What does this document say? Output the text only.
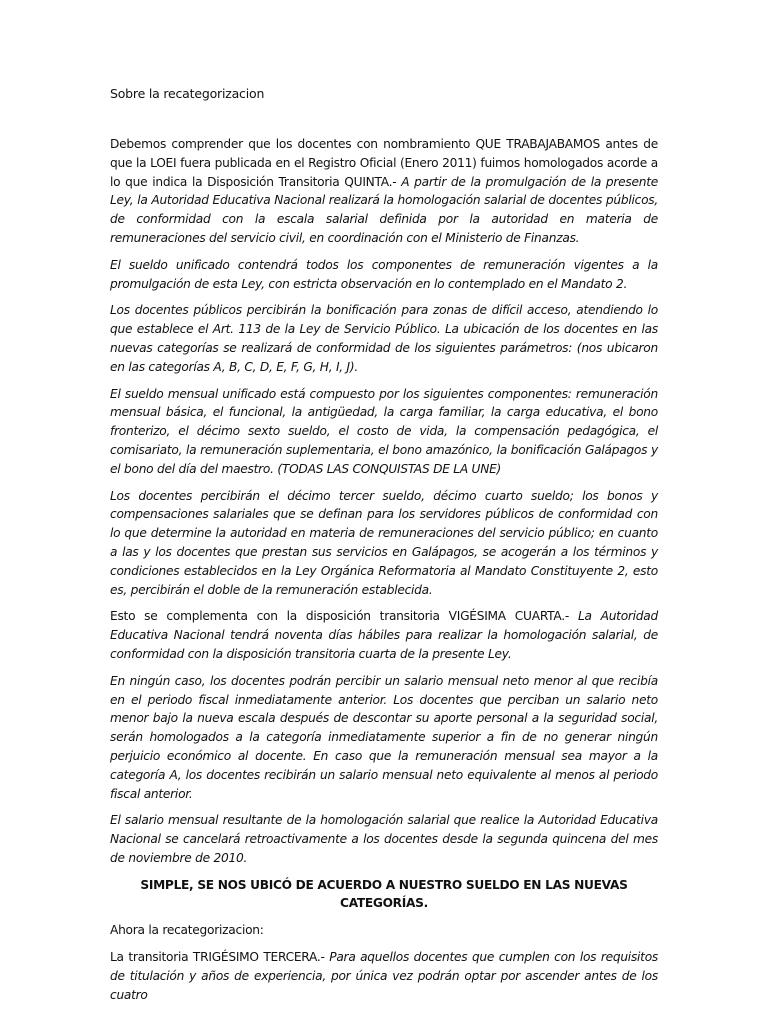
Sobre la recategorizacion

Debemos comprender que los docentes con nombramiento QUE TRABAJABAMOS antes de que la LOEI fuera publicada en el Registro Oficial (Enero 2011) fuimos homologados acorde a lo que indica la Disposición Transitoria QUINTA.- A partir de la promulgación de la presente Ley, la Autoridad Educativa Nacional realizará la homologación salarial de docentes públicos, de conformidad con la escala salarial definida por la autoridad en materia de remuneraciones del servicio civil, en coordinación con el Ministerio de Finanzas.

El sueldo unificado contendrá todos los componentes de remuneración vigentes a la promulgación de esta Ley, con estricta observación en lo contemplado en el Mandato 2.

Los docentes públicos percibirán la bonificación para zonas de difícil acceso, atendiendo lo que establece el Art. 113 de la Ley de Servicio Público. La ubicación de los docentes en las nuevas categorías se realizará de conformidad de los siguientes parámetros: (nos ubicaron en las categorías A, B, C, D, E, F, G, H, I, J).

El sueldo mensual unificado está compuesto por los siguientes componentes: remuneración mensual básica, el funcional, la antigüedad, la carga familiar, la carga educativa, el bono fronterizo, el décimo sexto sueldo, el costo de vida, la compensación pedagógica, el comisariato, la remuneración suplementaria, el bono amazónico, la bonificación Galápagos y el bono del día del maestro. (TODAS LAS CONQUISTAS DE LA UNE)

Los docentes percibirán el décimo tercer sueldo, décimo cuarto sueldo; los bonos y compensaciones salariales que se definan para los servidores públicos de conformidad con lo que determine la autoridad en materia de remuneraciones del servicio público; en cuanto a las y los docentes que prestan sus servicios en Galápagos, se acogerán a los términos y condiciones establecidos en la Ley Orgánica Reformatoria al Mandato Constituyente 2, esto es, percibirán el doble de la remuneración establecida.

Esto se complementa con la disposición transitoria VIGÉSIMA CUARTA.- La Autoridad Educativa Nacional tendrá noventa días hábiles para realizar la homologación salarial, de conformidad con la disposición transitoria cuarta de la presente Ley.

En ningún caso, los docentes podrán percibir un salario mensual neto menor al que recibía en el periodo fiscal inmediatamente anterior. Los docentes que perciban un salario neto menor bajo la nueva escala después de descontar su aporte personal a la seguridad social, serán homologados a la categoría inmediatamente superior a fin de no generar ningún perjuicio económico al docente. En caso que la remuneración mensual sea mayor a la categoría A, los docentes recibirán un salario mensual neto equivalente al menos al periodo fiscal anterior.

El salario mensual resultante de la homologación salarial que realice la Autoridad Educativa Nacional se cancelará retroactivamente a los docentes desde la segunda quincena del mes de noviembre de 2010.

SIMPLE, SE NOS UBICÓ DE ACUERDO A NUESTRO SUELDO EN LAS NUEVAS CATEGORÍAS.

Ahora la recategorizacion:

La transitoria TRIGÉSIMO TERCERA.- Para aquellos docentes que cumplen con los requisitos de titulación y años de experiencia, por única vez podrán optar por ascender antes de los cuatro
